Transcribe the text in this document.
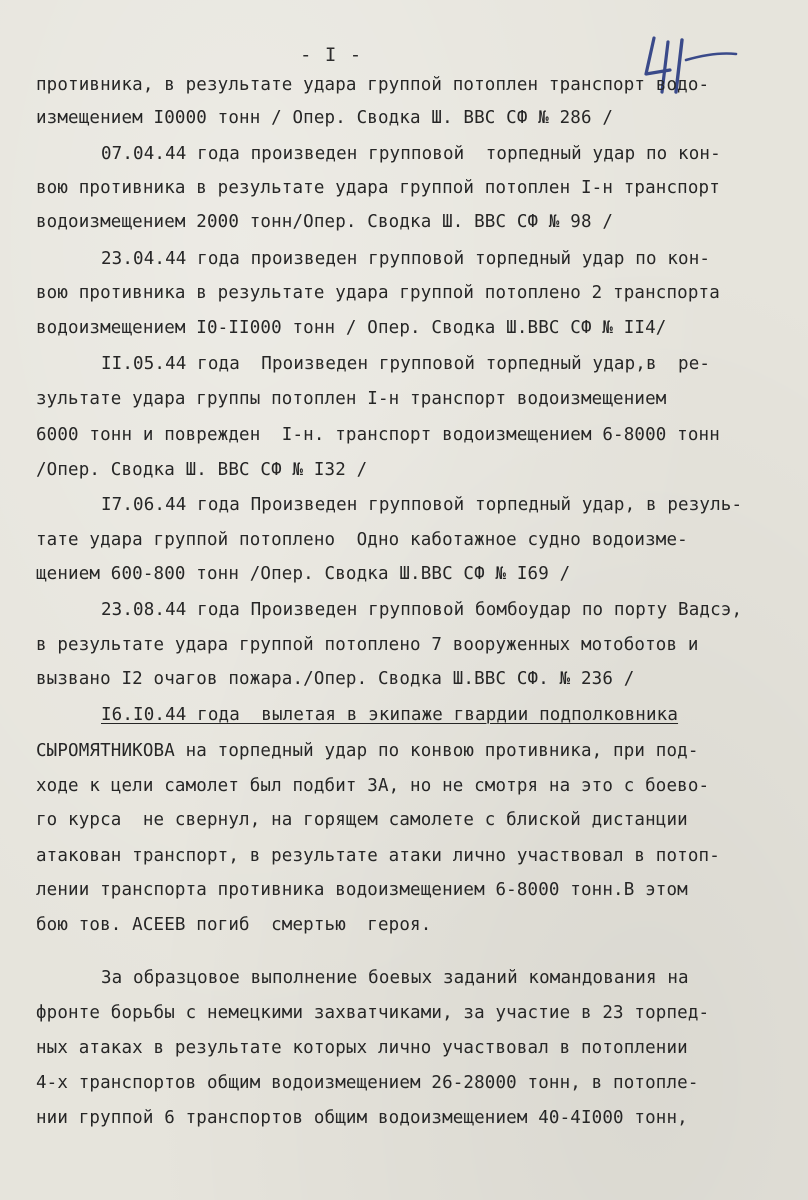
- I -
противника, в результате удара группой потоплен транспорт водо-
измещением I0000 тонн / Опер. Сводка Ш. ВВС СФ № 286 /
07.04.44 года произведен групповой  торпедный удар по кон-
вою противника в результате удара группой потоплен I-н транспорт
водоизмещением 2000 тонн/Опер. Сводка Ш. ВВС СФ № 98 /
23.04.44 года произведен групповой торпедный удар по кон-
вою противника в результате удара группой потоплено 2 транспорта
водоизмещением I0-II000 тонн / Опер. Сводка Ш.ВВС СФ № II4/
II.05.44 года  Произведен групповой торпедный удар,в  ре-
зультате удара группы потоплен I-н транспорт водоизмещением
6000 тонн и поврежден  I-н. транспорт водоизмещением 6-8000 тонн
/Опер. Сводка Ш. ВВС СФ № I32 /
I7.06.44 года Произведен групповой торпедный удар, в резуль-
тате удара группой потоплено  Одно каботажное судно водоизме-
щением 600-800 тонн /Опер. Сводка Ш.ВВС СФ № I69 /
23.08.44 года Произведен групповой бомбоудар по порту Вадсэ,
в результате удара группой потоплено 7 вооруженных мотоботов и
вызвано I2 очагов пожара./Опер. Сводка Ш.ВВС СФ. № 236 /
I6.I0.44 года  вылетая в экипаже гвардии подполковника
СЫРОМЯТНИКОВА на торпедный удар по конвою противника, при под-
ходе к цели самолет был подбит ЗА, но не смотря на это с боево-
го курса  не свернул, на горящем самолете с блиской дистанции
атакован транспорт, в результате атаки лично участвовал в потоп-
лении транспорта противника водоизмещением 6-8000 тонн.В этом
бою тов. АСЕЕВ погиб  смертью  героя.
За образцовое выполнение боевых заданий командования на
фронте борьбы с немецкими захватчиками, за участие в 23 торпед-
ных атаках в результате которых лично участвовал в потоплении
4-х транспортов общим водоизмещением 26-28000 тонн, в потопле-
нии группой 6 транспортов общим водоизмещением 40-4I000 тонн,
